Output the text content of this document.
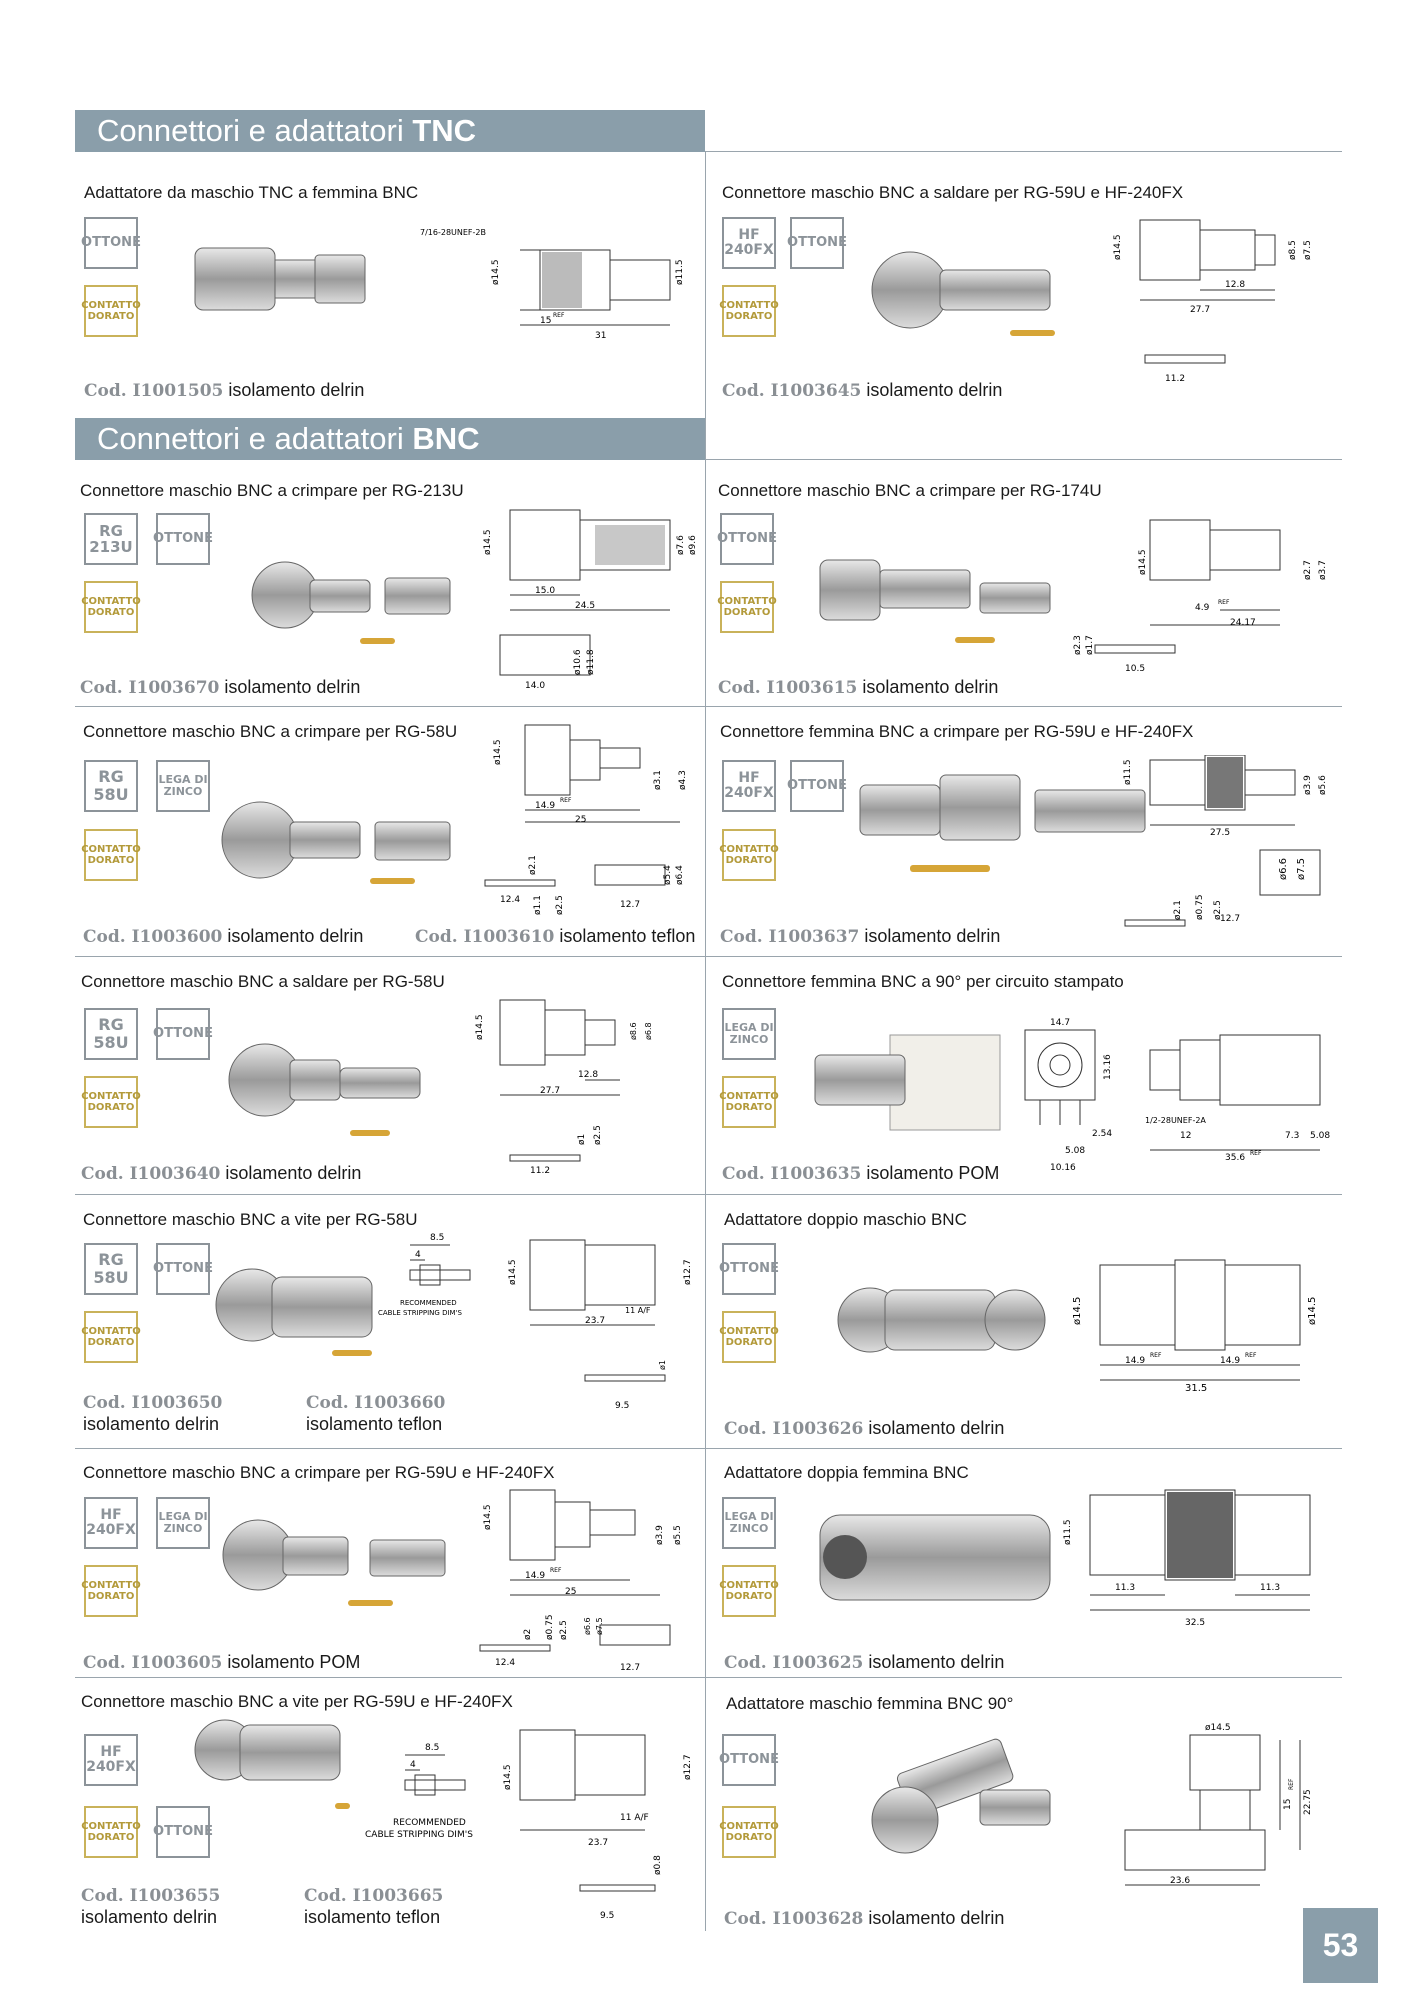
Connettori e adattatori TNC
Connettori e adattatori BNC
Adattatore da maschio TNC a femmina BNC
OTTONE
CONTATTO
DORATO
7/16-28UNEF-2B
ø14.5	ø11.5
15
REF
31
Cod. I1001505 isolamento delrin
Connettore maschio BNC a saldare per RG-59U e HF-240FX
HF 240FX OTTONE
CONTATTO
DORATO
ø14.5	ø8.5 ø7.5
12.8
27.7
11.2
Cod. I1003645 isolamento delrin
Connettore maschio BNC a crimpare per RG-213U
RG 213U	OTTONE
CONTATTO
DORATO
ø14.5	ø7.6 ø9.6
15.0
24.5
ø10.6 ø11.8
14.0
Cod. I1003670 isolamento delrin
Connettore maschio BNC a crimpare per RG-174U
OTTONE
CONTATTO
DORATO
ø14.5	ø2.7 ø3.7
4.9
REF
24.17
ø2.3 ø1.7
10.5
Cod. I1003615 isolamento delrin
Connettore maschio BNC a crimpare per RG-58U
RG 58U
LEGA DI ZINCO
CONTATTO
DORATO
ø14.5
ø3.1 ø4.3
14.9
REF
25
ø2.1
ø1.1 ø2.5
12.4
ø5.4 ø6.4
12.7
Cod. I1003600 isolamento delrin	Cod. I1003610 isolamento teflon
Connettore femmina BNC a crimpare per RG-59U e HF-240FX
HF 240FX OTTONE
CONTATTO
DORATO
ø11.5
ø3.9 ø5.6
27.5
ø2.1 ø0.75 ø2.5
ø6.6 ø7.5
12.7
Cod. I1003637 isolamento delrin
Connettore maschio BNC a saldare per RG-58U
RG 58U	OTTONE
CONTATTO
DORATO
ø14.5	ø8.6 ø6.8
12.8
27.7
ø1 ø2.5
11.2
Cod. I1003640 isolamento delrin
Connettore femmina BNC a 90° per circuito stampato
LEGA DI ZINCO
CONTATTO
DORATO
14.7
13.16
2.54
5.08
10.16
1/2-28UNEF-2A
12	7.3 5.08
35.6 REF
Cod. I1003635 isolamento POM
Connettore maschio BNC a vite per RG-58U
RG 58U	OTTONE
CONTATTO
DORATO
8.5
4
RECOMMENDED
CABLE STRIPPING DIM'S
ø14.5	ø12.7
11 A/F
23.7
ø1
9.5
Cod. I1003650
isolamento delrin
Cod. I1003660
isolamento teflon
Adattatore doppio maschio BNC
OTTONE
CONTATTO
DORATO
ø14.5	ø14.5
14.9
REF
14.9
REF
31.5
Cod. I1003626 isolamento delrin
Connettore maschio BNC a crimpare per RG-59U e HF-240FX
HF 240FX
LEGA DI ZINCO
CONTATTO
DORATO
ø14.5
ø3.9 ø5.5
14.9
REF
25
ø2 ø0.75 ø2.5
12.4
ø6.6 ø7.5
12.7
Cod. I1003605 isolamento POM
Adattatore doppia femmina BNC
LEGA DI ZINCO
CONTATTO
DORATO
ø11.5
11.3	11.3
32.5
Cod. I1003625 isolamento delrin
Connettore maschio BNC a vite per RG-59U e HF-240FX
HF 240FX
CONTATTO
DORATO OTTONE
8.5
4
RECOMMENDED
CABLE STRIPPING DIM'S
ø14.5	ø12.7
11 A/F
23.7
ø0.8
9.5
Cod. I1003655
isolamento delrin
Cod. I1003665
isolamento teflon
Adattatore maschio femmina BNC 90°
OTTONE
CONTATTO
DORATO
ø14.5
15
REF
22.75
23.6
Cod. I1003628 isolamento delrin
53
